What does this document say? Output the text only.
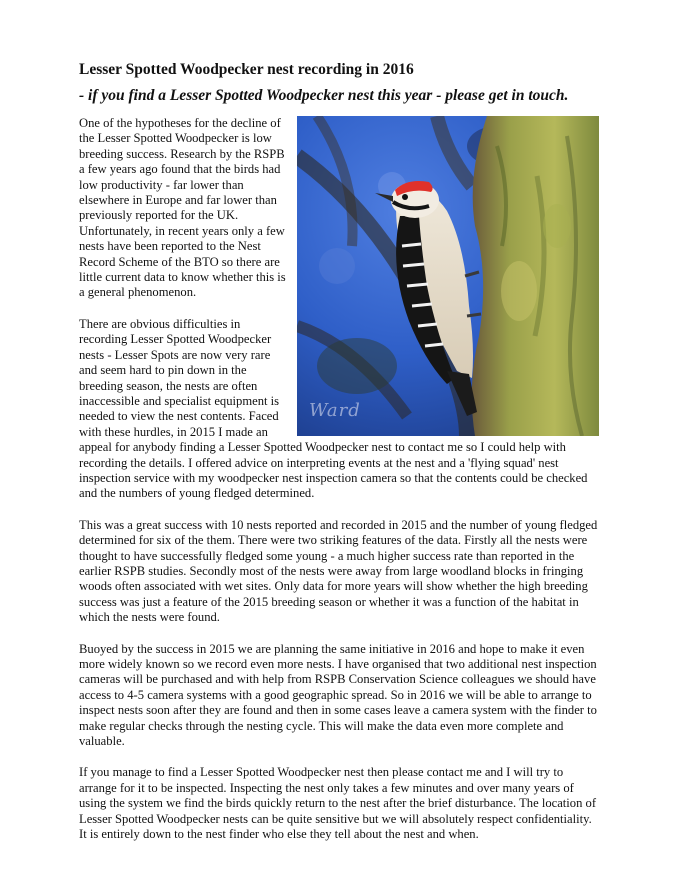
Lesser Spotted Woodpecker nest recording in 2016
- if you find a Lesser Spotted Woodpecker nest this year - please get in touch.
Ward

One of the hypotheses for the decline of the Lesser Spotted Woodpecker is low breeding success. Research by the RSPB a few years ago found that the birds had low productivity - far lower than elsewhere in Europe and far lower than previously reported for the UK. Unfortunately, in recent years only a few nests have been reported to the Nest Record Scheme of the BTO so there are little current data to know whether this is a general phenomenon.

There are obvious difficulties in recording Lesser Spotted Woodpecker nests - Lesser Spots are now very rare and seem hard to pin down in the breeding season, the nests are often inaccessible and specialist equipment is needed to view the nest contents. Faced with these hurdles, in 2015 I made an appeal for anybody finding a Lesser Spotted Woodpecker nest to contact me so I could help with recording the details. I offered advice on interpreting events at the nest and a 'flying squad' nest inspection service with my woodpecker nest inspection camera so that the contents could be checked and the numbers of young fledged determined.

This was a great success with 10 nests reported and recorded in 2015 and the number of young fledged determined for six of the them. There were two striking features of the data. Firstly all the nests were thought to have successfully fledged some young - a much higher success rate than reported in the earlier RSPB studies. Secondly most of the nests were away from large woodland blocks in fringing woods often associated with wet sites. Only data for more years will show whether the high breeding success was just a feature of the 2015 breeding season or whether it was a function of the habitat in which the nests were found.

Buoyed by the success in 2015 we are planning the same initiative in 2016 and hope to make it even more widely known so we record even more nests. I have organised that two additional nest inspection cameras will be purchased and with help from RSPB Conservation Science colleagues we should have access to 4-5 camera systems with a good geographic spread. So in 2016 we will be able to arrange to inspect nests soon after they are found and then in some cases leave a camera system with the finder to make regular checks through the nesting cycle. This will make the data even more complete and valuable.

If you manage to find a Lesser Spotted Woodpecker nest then please contact me and I will try to arrange for it to be inspected. Inspecting the nest only takes a few minutes and over many years of using the system we find the birds quickly return to the nest after the brief disturbance. The location of Lesser Spotted Woodpecker nests can be quite sensitive but we will absolutely respect confidentiality. It is entirely down to the nest finder who else they tell about the nest and when.
